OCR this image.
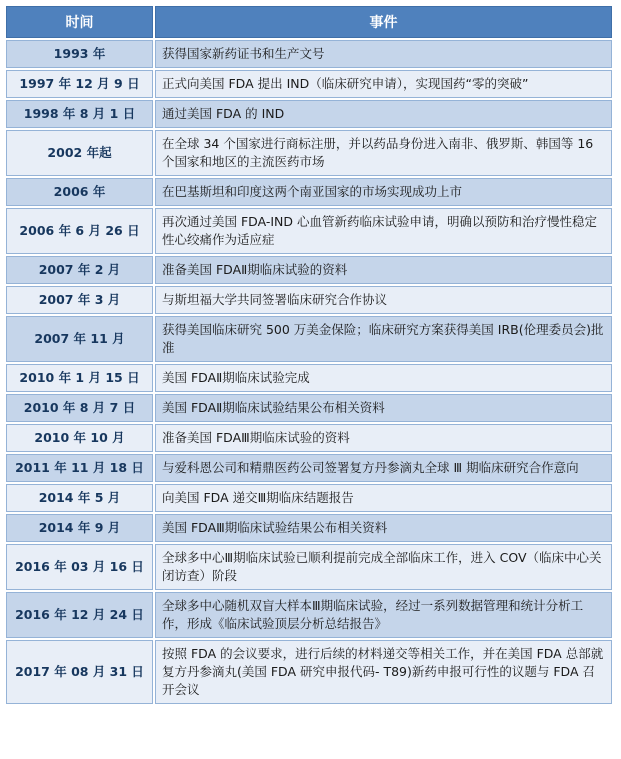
时间	事件
1993 年	获得国家新药证书和生产文号
1997 年 12 月 9 日	正式向美国 FDA 提出 IND（临床研究申请），实现国药“零的突破”
1998 年 8 月 1 日	通过美国 FDA 的 IND
2002 年起	在全球 34 个国家进行商标注册，并以药品身份进入南非、俄罗斯、韩国等 16 个国家和地区的主流医药市场
2006 年	在巴基斯坦和印度这两个南亚国家的市场实现成功上市
2006 年 6 月 26 日	再次通过美国 FDA-IND 心血管新药临床试验申请，明确以预防和治疗慢性稳定性心绞痛作为适应症
2007 年 2 月	准备美国 FDAⅡ期临床试验的资料
2007 年 3 月	与斯坦福大学共同签署临床研究合作协议
2007 年 11 月	获得美国临床研究 500 万美金保险；临床研究方案获得美国 IRB(伦理委员会)批准
2010 年 1 月 15 日	美国 FDAⅡ期临床试验完成
2010 年 8 月 7 日	美国 FDAⅡ期临床试验结果公布相关资料
2010 年 10 月	准备美国 FDAⅢ期临床试验的资料
2011 年 11 月 18 日	与爱科恩公司和精鼎医药公司签署复方丹参滴丸全球 Ⅲ 期临床研究合作意向
2014 年 5 月	向美国 FDA 递交Ⅲ期临床结题报告
2014 年 9 月	美国 FDAⅢ期临床试验结果公布相关资料
2016 年 03 月 16 日	全球多中心Ⅲ期临床试验已顺利提前完成全部临床工作，进入 COV（临床中心关闭访查）阶段
2016 年 12 月 24 日	全球多中心随机双盲大样本Ⅲ期临床试验，经过一系列数据管理和统计分析工作，形成《临床试验顶层分析总结报告》
2017 年 08 月 31 日	按照 FDA 的会议要求，进行后续的材料递交等相关工作，并在美国 FDA 总部就复方丹参滴丸(美国 FDA 研究申报代码- T89)新药申报可行性的议题与 FDA 召开会议
